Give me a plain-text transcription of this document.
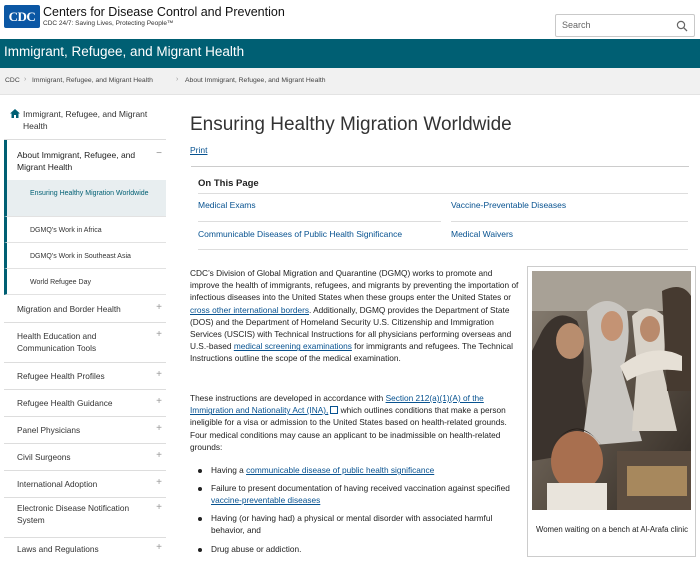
CDC Centers for Disease Control and Prevention
CDC 24/7: Saving Lives, Protecting People™
Search
Immigrant, Refugee, and Migrant Health
CDC › Immigrant, Refugee, and Migrant Health	› About Immigrant, Refugee, and Migrant Health
Immigrant, Refugee, and Migrant Health
About Immigrant, Refugee, and Migrant Health
−
Ensuring Healthy Migration Worldwide
DGMQ’s Work in Africa
DGMQ’s Work in Southeast Asia
World Refugee Day
Migration and Border Health	+
Health Education and Communication Tools
+
Refugee Health Profiles	+
Refugee Health Guidance	+
Panel Physicians	+
Civil Surgeons	+
International Adoption	+
Electronic Disease Notification System
+
Laws and Regulations	+
Ensuring Healthy Migration Worldwide
Print
On This Page
Medical Exams	Vaccine-Preventable Diseases
Communicable Diseases of Public Health Significance	Medical Waivers

CDC’s Division of Global Migration and Quarantine (DGMQ) works to promote and improve the health of immigrants, refugees, and migrants by preventing the importation of infectious diseases into the United States when these groups enter the United States or cross other international borders. Additionally, DGMQ provides the Department of State (DOS) and the Department of Homeland Security U.S. Citizenship and Immigration Services (USCIS) with Technical Instructions for all physicians performing overseas and U.S.-based medical screening examinations for immigrants and refugees. The Technical Instructions outline the scope of the medical examination.

These instructions are developed in accordance with Section 212(a)(1)(A) of the Immigration and Nationality Act (INA), which outlines conditions that make a person ineligible for a visa or admission to the United States based on health-related grounds. Four medical conditions may cause an applicant to be inadmissible on health-related grounds:

Having a communicable disease of public health significance
Failure to present documentation of having received vaccination against specified vaccine-preventable diseases
Having (or having had) a physical or mental disorder with associated harmful behavior, and
Drug abuse or addiction.
Women waiting on a bench at Al-Arafa clinic
